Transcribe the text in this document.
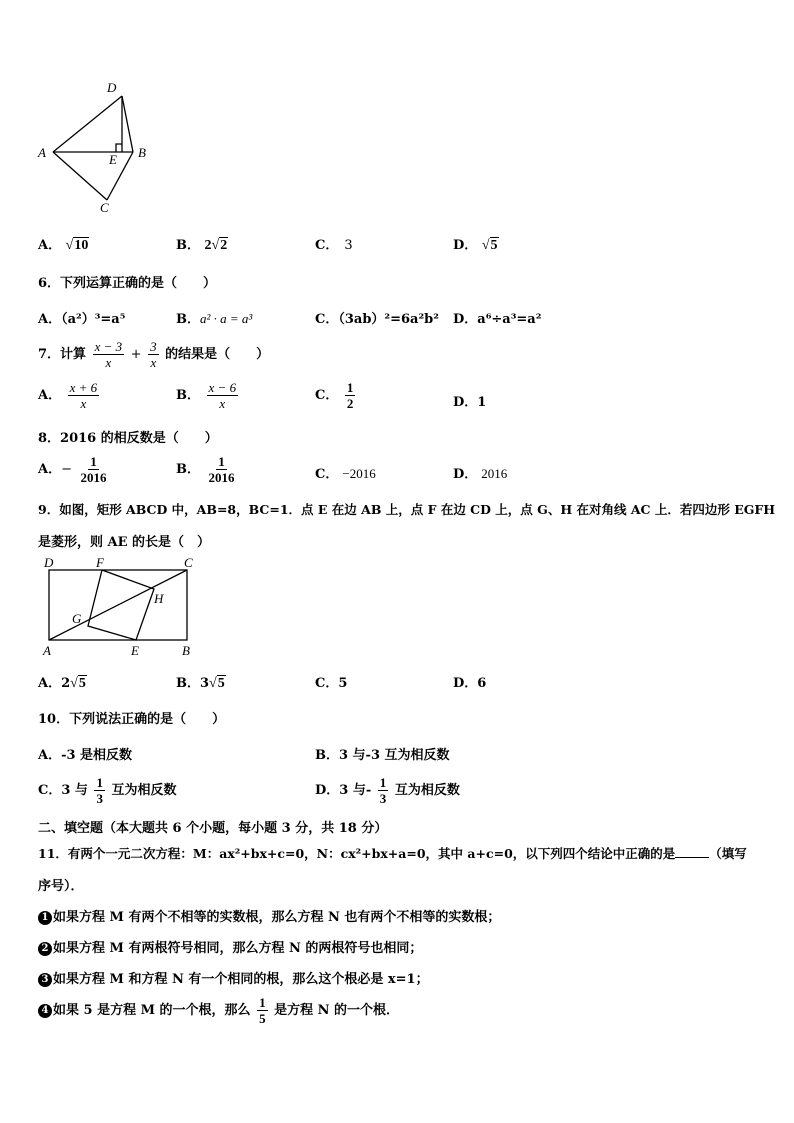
D
A	E B
C
A． √10	B． 2√2	C． 3	D． √5
6．下列运算正确的是（　　）
A．（a²）³=a⁵	B．a² · a = a³	C．（3ab）²=6a²b² D．a⁶÷a³=a²
7．计算 $\frac{x - 3}{x} + \frac{3}{x}$ 的结果是（　　）
A． $\frac{x + 6}{x}$	B． $\frac{x - 6}{x}$	C． $\frac{1}{2}$	D．1
8．2016 的相反数是（　　）
A．− $\frac{1}{2016}$	B． $\frac{1}{2016}$	C． −2016	D． 2016
9．如图，矩形 ABCD 中，AB=8，BC=1．点 E 在边 AB 上，点 F 在边 CD 上，点 G、H 在对角线 AC 上．若四边形 EGFH
是菱形，则 AE 的长是（　）
D	F	C
H
G
A	E	B
A．2√5	B．3√5	C．5	D．6
10．下列说法正确的是（　　）
A．-3 是相反数	B．3 与-3 互为相反数
C．3 与 $\frac{1}{3}$ 互为相反数	D．3 与- $\frac{1}{3}$ 互为相反数
二、填空题（本大题共 6 个小题，每小题 3 分，共 18 分）
11．有两个一元二次方程：M：ax²+bx+c=0，N：cx²+bx+a=0，其中 a+c=0，以下列四个结论中正确的是	（填写
序号）．
1 如果方程 M 有两个不相等的实数根，那么方程 N 也有两个不相等的实数根；
2 如果方程 M 有两根符号相同，那么方程 N 的两根符号也相同；
3 如果方程 M 和方程 N 有一个相同的根，那么这个根必是 x=1；
4 如果 5 是方程 M 的一个根，那么 $\frac{1}{5}$ 是方程 N 的一个根．
